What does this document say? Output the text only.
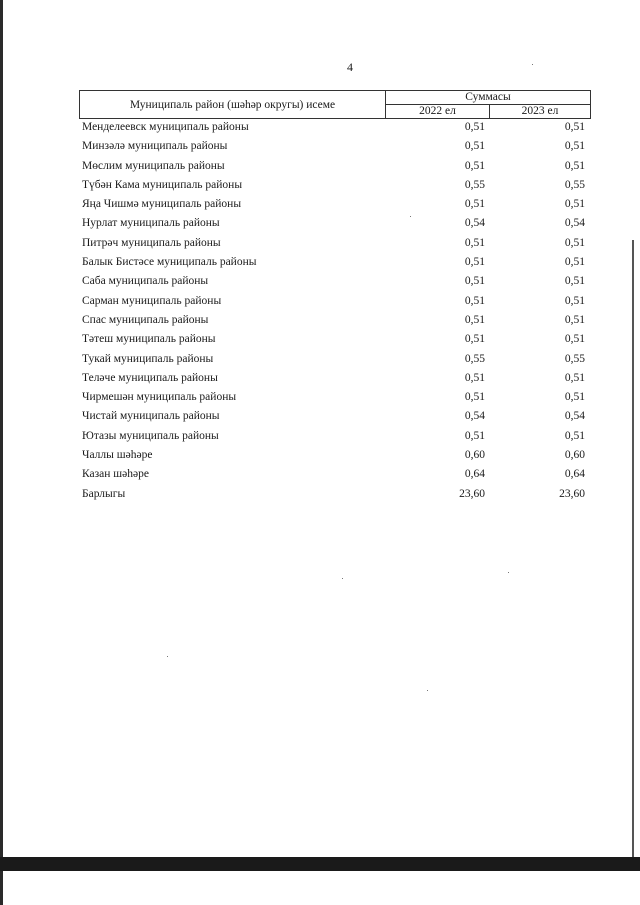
4
Муниципаль район (шәһәр округы) исеме
Суммасы
2022 ел	2023 ел
Менделеевск муниципаль районы	0,51	0,51
Минзәлә муниципаль районы	0,51	0,51
Мөслим муниципаль районы	0,51	0,51
Түбән Кама муниципаль районы	0,55	0,55
Яңа Чишмә муниципаль районы	0,51	0,51
Нурлат муниципаль районы	0,54	0,54
Питрәч муниципаль районы	0,51	0,51
Балык Бистәсе муниципаль районы	0,51	0,51
Саба муниципаль районы	0,51	0,51
Сарман муниципаль районы	0,51	0,51
Спас муниципаль районы	0,51	0,51
Тәтеш муниципаль районы	0,51	0,51
Тукай муниципаль районы	0,55	0,55
Теләче муниципаль районы	0,51	0,51
Чирмешән муниципаль районы	0,51	0,51
Чистай муниципаль районы	0,54	0,54
Ютазы муниципаль районы	0,51	0,51
Чаллы шәһәре	0,60	0,60
Казан шәһәре	0,64	0,64
Барлыгы	23,60	23,60
